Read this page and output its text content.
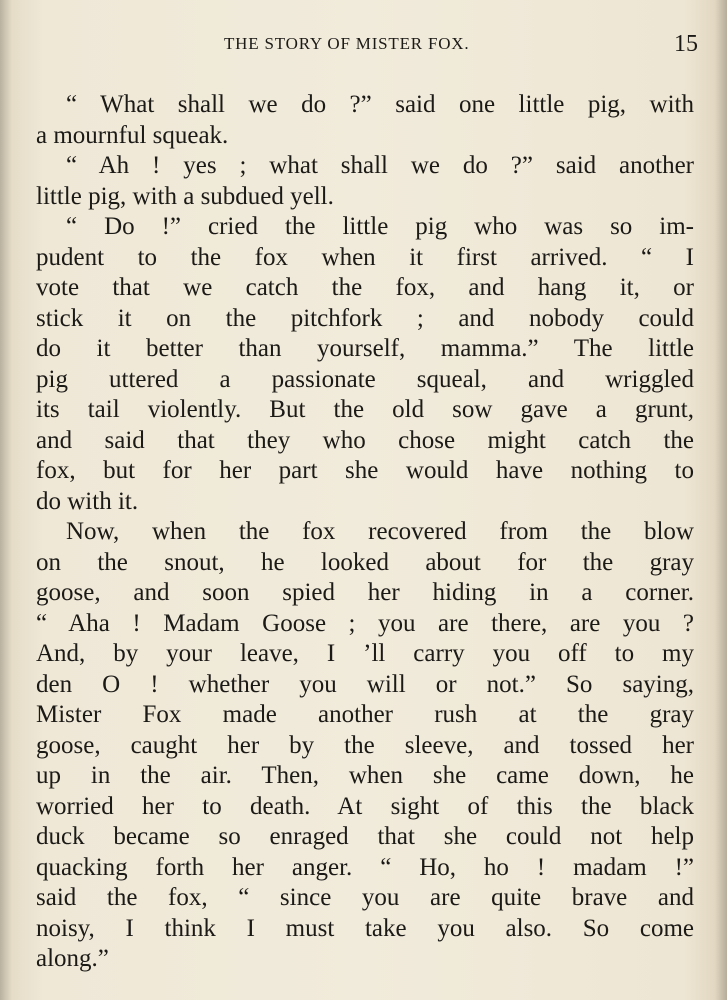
THE STORY OF MISTER FOX.	15
“ What shall we do ?” said one little pig, with
a mournful squeak.
“ Ah ! yes ; what shall we do ?” said another
little pig, with a subdued yell.
“ Do !” cried the little pig who was so im-
pudent to the fox when it first arrived. “ I
vote that we catch the fox, and hang it, or
stick it on the pitchfork ; and nobody could
do it better than yourself, mamma.” The little
pig uttered a passionate squeal, and wriggled
its tail violently. But the old sow gave a grunt,
and said that they who chose might catch the
fox, but for her part she would have nothing to
do with it.
Now, when the fox recovered from the blow
on the snout, he looked about for the gray
goose, and soon spied her hiding in a corner.
“ Aha ! Madam Goose ; you are there, are you ?
And, by your leave, I ’ll carry you off to my
den O ! whether you will or not.” So saying,
Mister Fox made another rush at the gray
goose, caught her by the sleeve, and tossed her
up in the air. Then, when she came down, he
worried her to death. At sight of this the black
duck became so enraged that she could not help
quacking forth her anger. “ Ho, ho ! madam !”
said the fox, “ since you are quite brave and
noisy, I think I must take you also. So come
along.”
